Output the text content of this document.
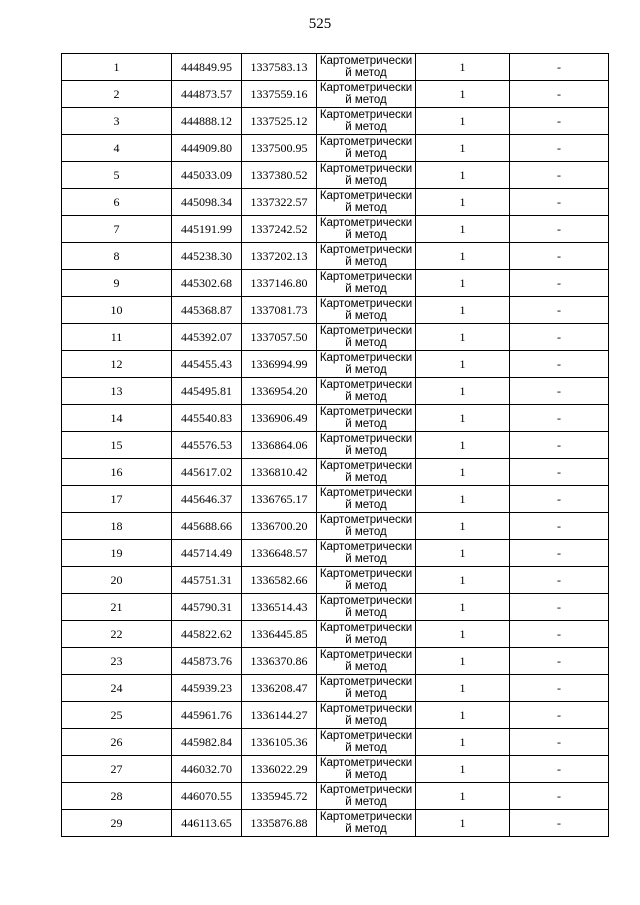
525
1	444849.95	1337583.13	Картометрически й метод	1	-
2	444873.57	1337559.16	Картометрически й метод	1	-
3	444888.12	1337525.12	Картометрически й метод	1	-
4	444909.80	1337500.95	Картометрически й метод	1	-
5	445033.09	1337380.52	Картометрически й метод	1	-
6	445098.34	1337322.57	Картометрически й метод	1	-
7	445191.99	1337242.52	Картометрически й метод	1	-
8	445238.30	1337202.13	Картометрически й метод	1	-
9	445302.68	1337146.80	Картометрически й метод	1	-
10	445368.87	1337081.73	Картометрически й метод	1	-
11	445392.07	1337057.50	Картометрически й метод	1	-
12	445455.43	1336994.99	Картометрически й метод	1	-
13	445495.81	1336954.20	Картометрически й метод	1	-
14	445540.83	1336906.49	Картометрически й метод	1	-
15	445576.53	1336864.06	Картометрически й метод	1	-
16	445617.02	1336810.42	Картометрически й метод	1	-
17	445646.37	1336765.17	Картометрически й метод	1	-
18	445688.66	1336700.20	Картометрически й метод	1	-
19	445714.49	1336648.57	Картометрически й метод	1	-
20	445751.31	1336582.66	Картометрически й метод	1	-
21	445790.31	1336514.43	Картометрически й метод	1	-
22	445822.62	1336445.85	Картометрически й метод	1	-
23	445873.76	1336370.86	Картометрически й метод	1	-
24	445939.23	1336208.47	Картометрически й метод	1	-
25	445961.76	1336144.27	Картометрически й метод	1	-
26	445982.84	1336105.36	Картометрически й метод	1	-
27	446032.70	1336022.29	Картометрически й метод	1	-
28	446070.55	1335945.72	Картометрически й метод	1	-
29	446113.65	1335876.88	Картометрически й метод	1	-
